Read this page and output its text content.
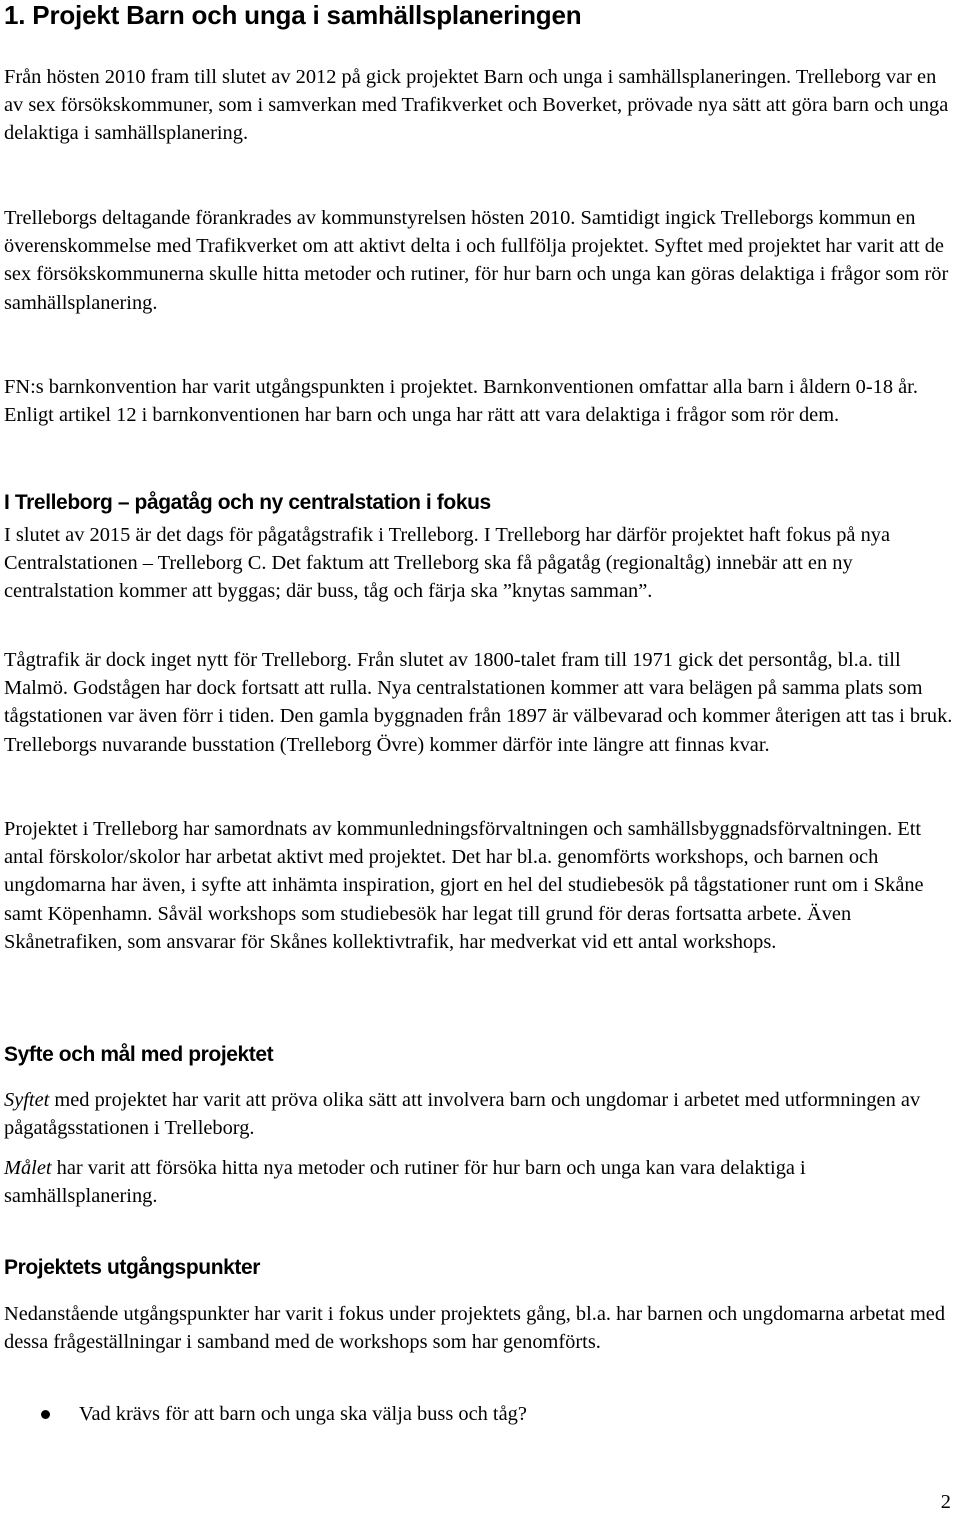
1. Projekt Barn och unga i samhällsplaneringen

Från hösten 2010 fram till slutet av 2012 på gick projektet Barn och unga i samhällsplaneringen. Trelleborg var en av sex försökskommuner, som i samverkan med Trafikverket och Boverket, prövade nya sätt att göra barn och unga delaktiga i samhällsplanering.

Trelleborgs deltagande förankrades av kommunstyrelsen hösten 2010. Samtidigt ingick Trelleborgs kommun en överenskommelse med Trafikverket om att aktivt delta i och fullfölja projektet. Syftet med projektet har varit att de sex försökskommunerna skulle hitta metoder och rutiner, för hur barn och unga kan göras delaktiga i frågor som rör samhällsplanering.

FN:s barnkonvention har varit utgångspunkten i projektet. Barnkonventionen omfattar alla barn i åldern 0-18 år. Enligt artikel 12 i barnkonventionen har barn och unga har rätt att vara delaktiga i frågor som rör dem.

I Trelleborg – pågatåg och ny centralstation i fokus

I slutet av 2015 är det dags för pågatågstrafik i Trelleborg. I Trelleborg har därför projektet haft fokus på nya Centralstationen – Trelleborg C. Det faktum att Trelleborg ska få pågatåg (regionaltåg) innebär att en ny centralstation kommer att byggas; där buss, tåg och färja ska ”knytas samman”.

Tågtrafik är dock inget nytt för Trelleborg. Från slutet av 1800-talet fram till 1971 gick det persontåg, bl.a. till Malmö. Godstågen har dock fortsatt att rulla. Nya centralstationen kommer att vara belägen på samma plats som tågstationen var även förr i tiden. Den gamla byggnaden från 1897 är välbevarad och kommer återigen att tas i bruk. Trelleborgs nuvarande busstation (Trelleborg Övre) kommer därför inte längre att finnas kvar.

Projektet i Trelleborg har samordnats av kommunledningsförvaltningen och samhällsbyggnadsförvaltningen. Ett antal förskolor/skolor har arbetat aktivt med projektet. Det har bl.a. genomförts workshops, och barnen och ungdomarna har även, i syfte att inhämta inspiration, gjort en hel del studiebesök på tågstationer runt om i Skåne samt Köpenhamn. Såväl workshops som studiebesök har legat till grund för deras fortsatta arbete. Även Skånetrafiken, som ansvarar för Skånes kollektivtrafik, har medverkat vid ett antal workshops.

Syfte och mål med projektet

Syftet med projektet har varit att pröva olika sätt att involvera barn och ungdomar i arbetet med utformningen av pågatågsstationen i Trelleborg.

Målet har varit att försöka hitta nya metoder och rutiner för hur barn och unga kan vara delaktiga i samhällsplanering.

Projektets utgångspunkter

Nedanstående utgångspunkter har varit i fokus under projektets gång, bl.a. har barnen och ungdomarna arbetat med dessa frågeställningar i samband med de workshops som har genomförts.

Vad krävs för att barn och unga ska välja buss och tåg?
2
